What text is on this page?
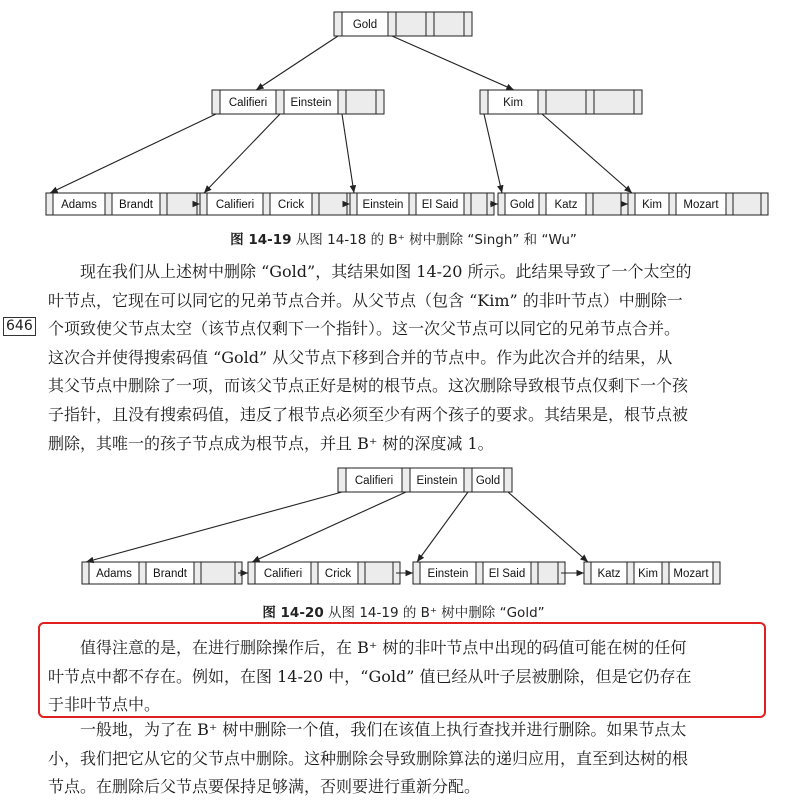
646
Gold
Califieri Einstein	Kim
Adams Brandt	Califieri Crick	Einstein El Said	Gold Katz	Kim Mozart
图 14-19 从图 14-18 的 B⁺ 树中删除 “Singh” 和 “Wu”
现在我们从上述树中删除 “Gold”，其结果如图 14-20 所示。此结果导致了一个太空的
叶节点，它现在可以同它的兄弟节点合并。从父节点（包含 “Kim” 的非叶节点）中删除一
个项致使父节点太空（该节点仅剩下一个指针）。这一次父节点可以同它的兄弟节点合并。
这次合并使得搜索码值 “Gold” 从父节点下移到合并的节点中。作为此次合并的结果，从
其父节点中删除了一项，而该父节点正好是树的根节点。这次删除导致根节点仅剩下一个孩
子指针，且没有搜索码值，违反了根节点必须至少有两个孩子的要求。其结果是，根节点被
删除，其唯一的孩子节点成为根节点，并且 B⁺ 树的深度减 1。
Califieri Einstein Gold
Adams Brandt	Califieri Crick	Einstein El Said	Katz Kim Mozart
图 14-20 从图 14-19 的 B⁺ 树中删除 “Gold”
值得注意的是，在进行删除操作后，在 B⁺ 树的非叶节点中出现的码值可能在树的任何
叶节点中都不存在。例如，在图 14-20 中，“Gold” 值已经从叶子层被删除，但是它仍存在
于非叶节点中。
一般地，为了在 B⁺ 树中删除一个值，我们在该值上执行查找并进行删除。如果节点太
小，我们把它从它的父节点中删除。这种删除会导致删除算法的递归应用，直至到达树的根
节点。在删除后父节点要保持足够满，否则要进行重新分配。
